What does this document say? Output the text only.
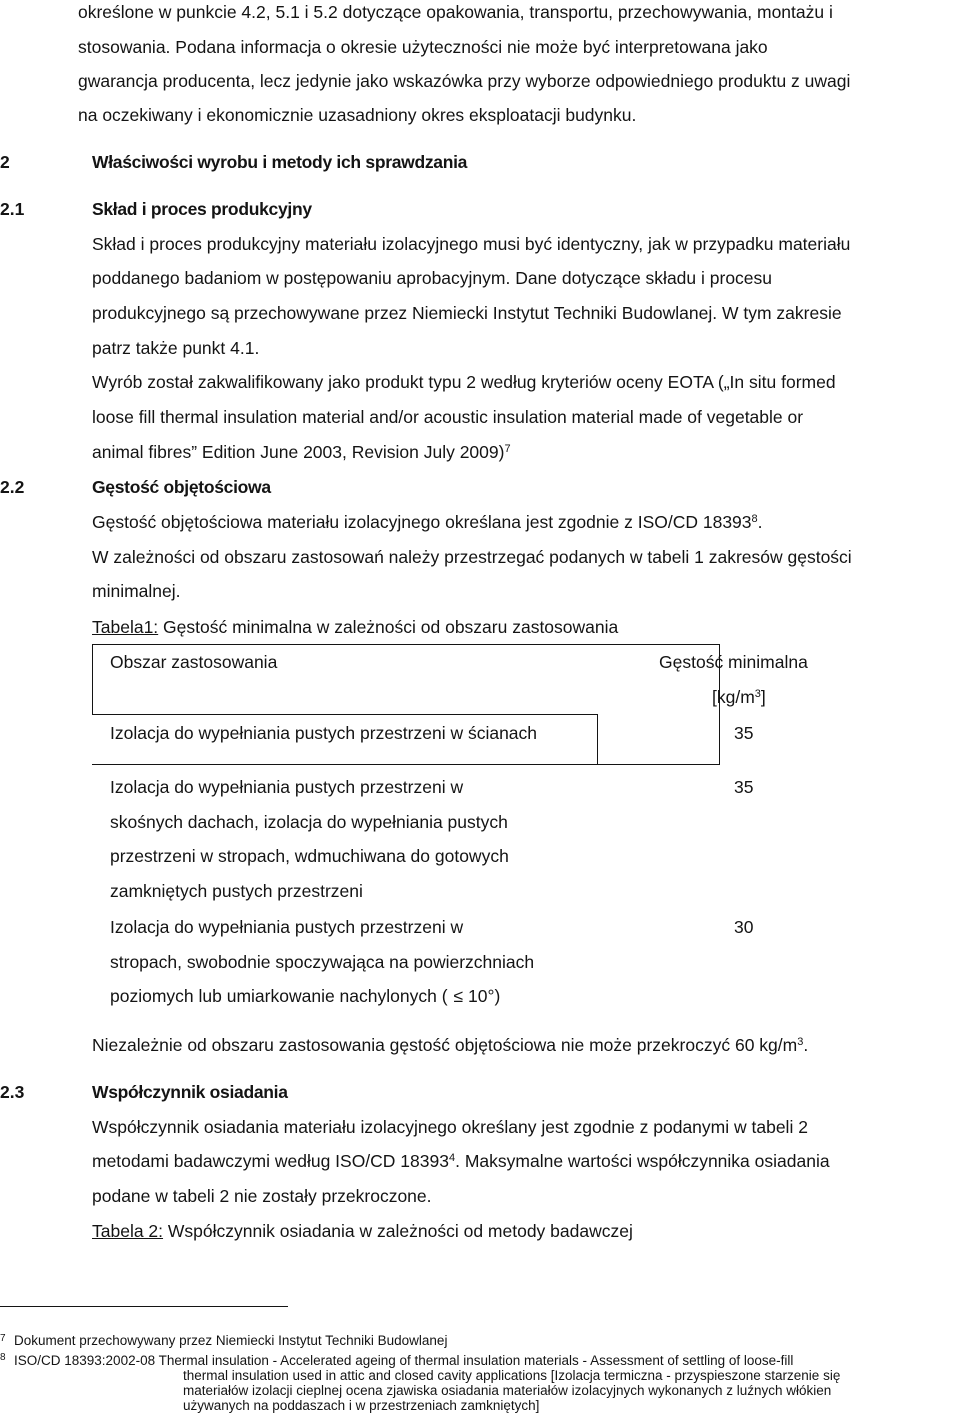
określone w punkcie 4.2, 5.1 i 5.2 dotyczące opakowania, transportu, przechowywania, montażu i
stosowania. Podana informacja o okresie użyteczności nie może być interpretowana jako
gwarancja producenta, lecz jedynie jako wskazówka przy wyborze odpowiedniego produktu z uwagi
na oczekiwany i ekonomicznie uzasadniony okres eksploatacji budynku.
2	Właściwości wyrobu i metody ich sprawdzania
2.1	Skład i proces produkcyjny
Skład i proces produkcyjny materiału izolacyjnego musi być identyczny, jak w przypadku materiału
poddanego badaniom w postępowaniu aprobacyjnym. Dane dotyczące składu i procesu
produkcyjnego są przechowywane przez Niemiecki Instytut Techniki Budowlanej. W tym zakresie
patrz także punkt 4.1.
Wyrób został zakwalifikowany jako produkt typu 2 według kryteriów oceny EOTA („In situ formed
loose fill thermal insulation material and/or acoustic insulation material made of vegetable or
animal fibres” Edition June 2003, Revision July 2009)$^7$
2.2	Gęstość objętościowa
Gęstość objętościowa materiału izolacyjnego określana jest zgodnie z ISO/CD 18393$^8$.
W zależności od obszaru zastosowań należy przestrzegać podanych w tabeli 1 zakresów gęstości
minimalnej.
Tabela1: Gęstość minimalna w zależności od obszaru zastosowania
Obszar zastosowania	Gęstość minimalna
$[kg/m^3]$
Izolacja do wypełniania pustych przestrzeni w ścianach	35
Izolacja do wypełniania pustych przestrzeni w
skośnych dachach, izolacja do wypełniania pustych
przestrzeni w stropach, wdmuchiwana do gotowych
zamkniętych pustych przestrzeni
35
Izolacja do wypełniania pustych przestrzeni w
stropach, swobodnie spoczywająca na powierzchniach
poziomych lub umiarkowanie nachylonych ( ≤ 10°)
30
Niezależnie od obszaru zastosowania gęstość objętościowa nie może przekroczyć 60 $kg/m^3$.
2.3	Współczynnik osiadania
Współczynnik osiadania materiału izolacyjnego określany jest zgodnie z podanymi w tabeli 2
metodami badawczymi według ISO/CD 18393$^4$. Maksymalne wartości współczynnika osiadania
podane w tabeli 2 nie zostały przekroczone.
Tabela 2: Współczynnik osiadania w zależności od metody badawczej
7 Dokument przechowywany przez Niemiecki Instytut Techniki Budowlanej
8 ISO/CD 18393:2002-08 Thermal insulation - Accelerated ageing of thermal insulation materials - Assessment of settling of loose-fill
thermal insulation used in attic and closed cavity applications [Izolacja termiczna - przyspieszone starzenie się
materiałów izolacji cieplnej ocena zjawiska osiadania materiałów izolacyjnych wykonanych z luźnych włókien
używanych na poddaszach i w przestrzeniach zamkniętych]
